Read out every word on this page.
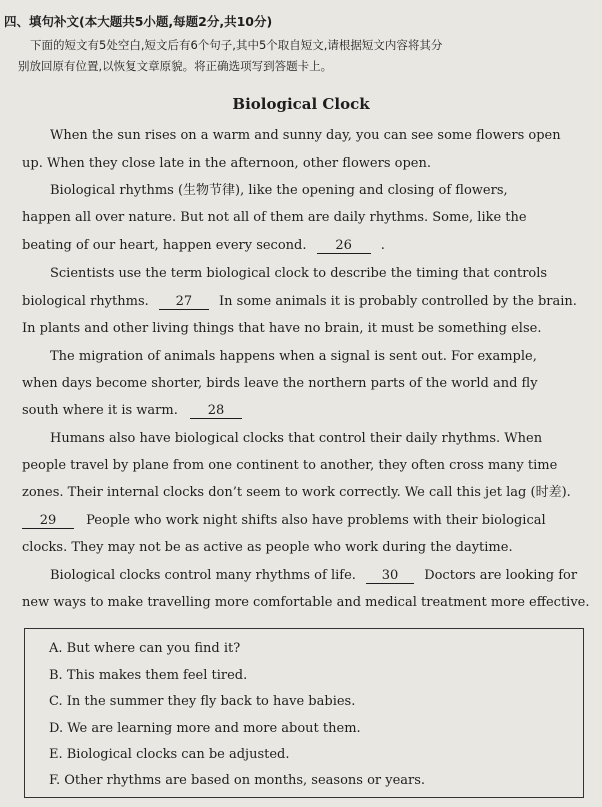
四、填句补文(本大题共5小题,每题2分,共10分)
下面的短文有5处空白,短文后有6个句子,其中5个取自短文,请根据短文内容将其分
别放回原有位置,以恢复文章原貌。将正确选项写到答题卡上。
Biological Clock
When the sun rises on a warm and sunny day, you can see some flowers open
up. When they close late in the afternoon, other flowers open.
Biological rhythms (生物节律), like the opening and closing of flowers,
happen all over nature. But not all of them are daily rhythms. Some, like the
beating of our heart, happen every second. 26 .
Scientists use the term biological clock to describe the timing that controls
biological rhythms. 27 In some animals it is probably controlled by the brain.
In plants and other living things that have no brain, it must be something else.
The migration of animals happens when a signal is sent out. For example,
when days become shorter, birds leave the northern parts of the world and fly
south where it is warm. 28
Humans also have biological clocks that control their daily rhythms. When
people travel by plane from one continent to another, they often cross many time
zones. Their internal clocks don’t seem to work correctly. We call this jet lag (时差).
29 People who work night shifts also have problems with their biological
clocks. They may not be as active as people who work during the daytime.
Biological clocks control many rhythms of life. 30 Doctors are looking for
new ways to make travelling more comfortable and medical treatment more effective.
A. But where can you find it?
B. This makes them feel tired.
C. In the summer they fly back to have babies.
D. We are learning more and more about them.
E. Biological clocks can be adjusted.
F. Other rhythms are based on months, seasons or years.
